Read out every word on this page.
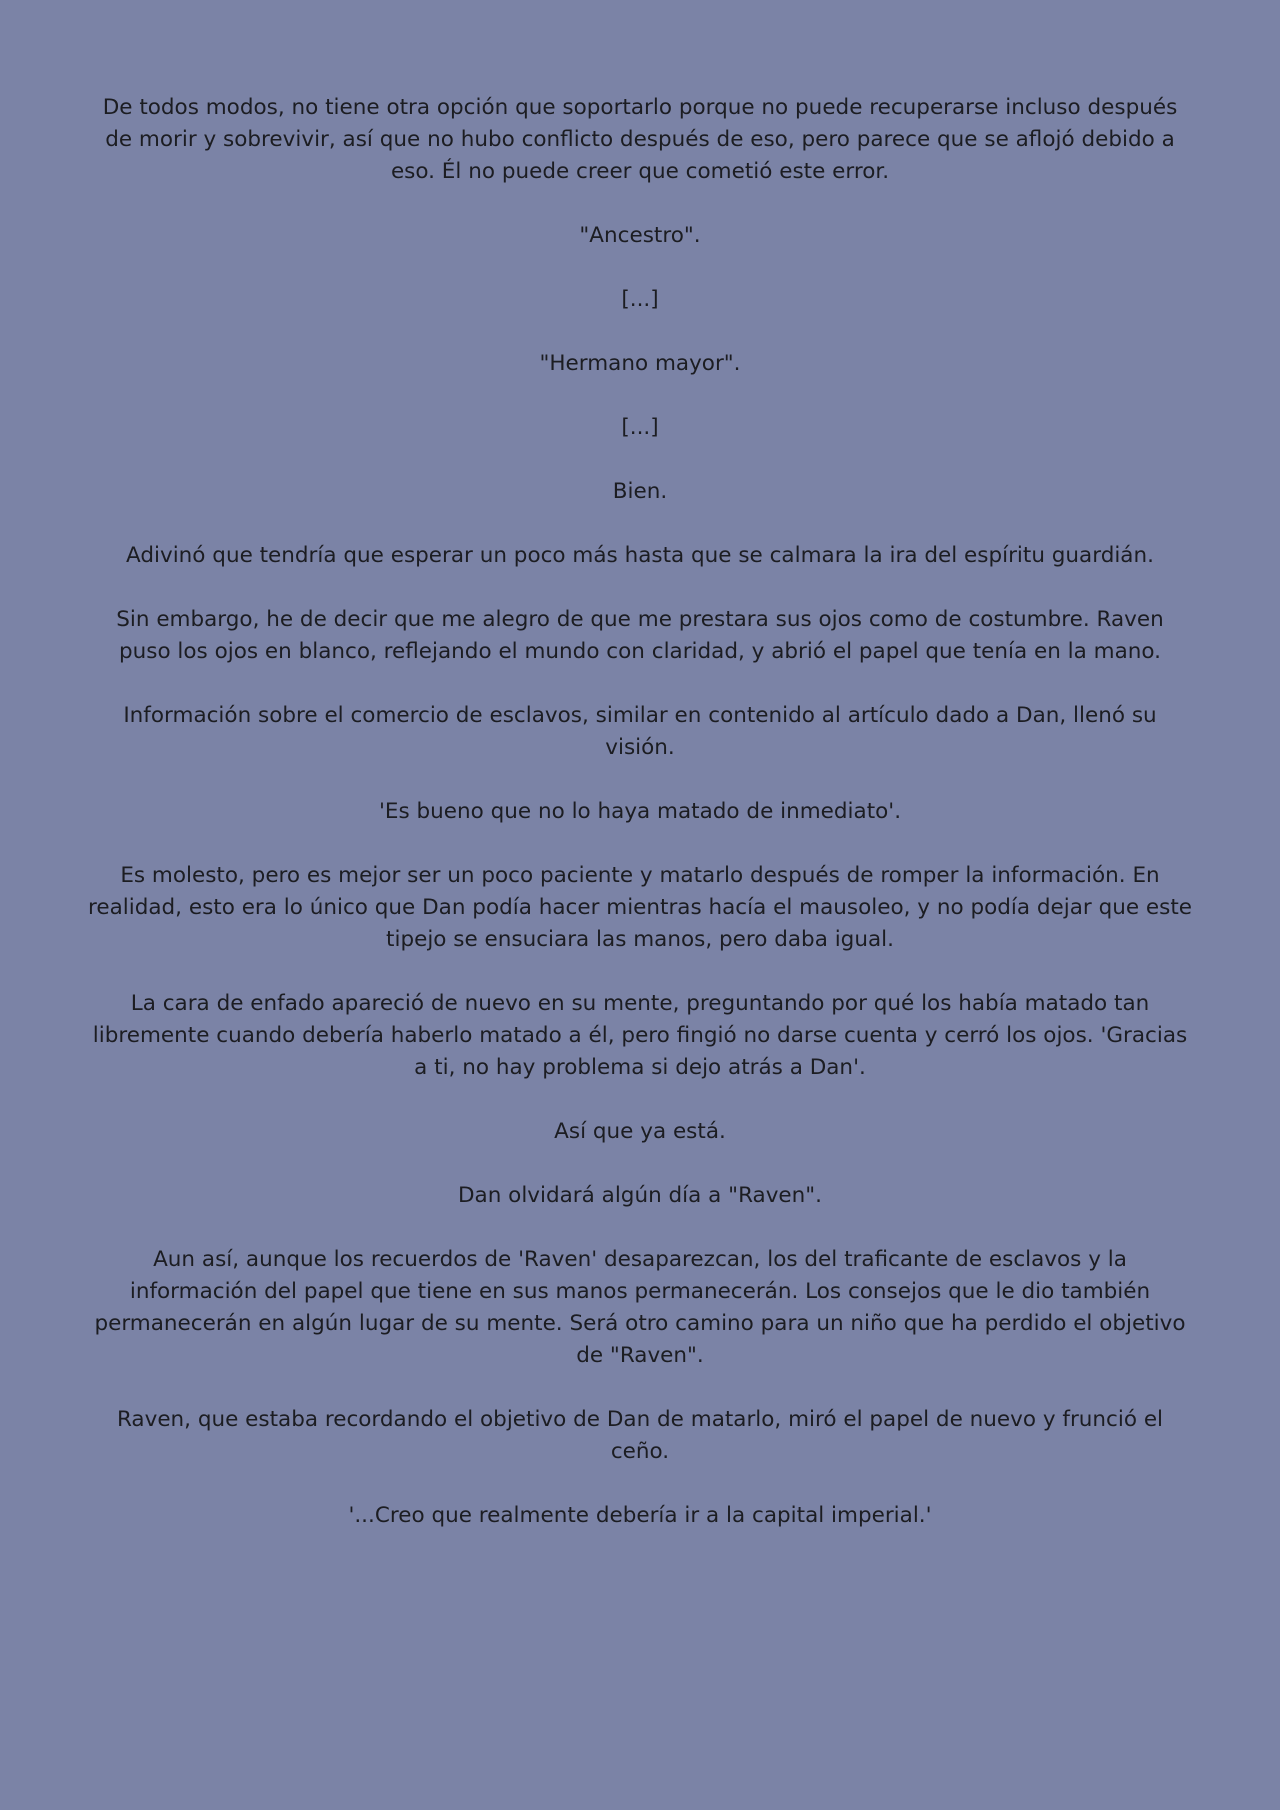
De todos modos, no tiene otra opción que soportarlo porque no puede recuperarse incluso después de morir y sobrevivir, así que no hubo conflicto después de eso, pero parece que se aflojó debido a eso. Él no puede creer que cometió este error.

"Ancestro".

[...]

"Hermano mayor".

[...]

Bien.

Adivinó que tendría que esperar un poco más hasta que se calmara la ira del espíritu guardián.

Sin embargo, he de decir que me alegro de que me prestara sus ojos como de costumbre. Raven puso los ojos en blanco, reflejando el mundo con claridad, y abrió el papel que tenía en la mano.

Información sobre el comercio de esclavos, similar en contenido al artículo dado a Dan, llenó su visión.

'Es bueno que no lo haya matado de inmediato'.

Es molesto, pero es mejor ser un poco paciente y matarlo después de romper la información. En realidad, esto era lo único que Dan podía hacer mientras hacía el mausoleo, y no podía dejar que este tipejo se ensuciara las manos, pero daba igual.

La cara de enfado apareció de nuevo en su mente, preguntando por qué los había matado tan libremente cuando debería haberlo matado a él, pero fingió no darse cuenta y cerró los ojos. 'Gracias a ti, no hay problema si dejo atrás a Dan'.

Así que ya está.

Dan olvidará algún día a "Raven".

Aun así, aunque los recuerdos de 'Raven' desaparezcan, los del traficante de esclavos y la información del papel que tiene en sus manos permanecerán. Los consejos que le dio también permanecerán en algún lugar de su mente. Será otro camino para un niño que ha perdido el objetivo de "Raven".

Raven, que estaba recordando el objetivo de Dan de matarlo, miró el papel de nuevo y frunció el ceño.

'...Creo que realmente debería ir a la capital imperial.'
